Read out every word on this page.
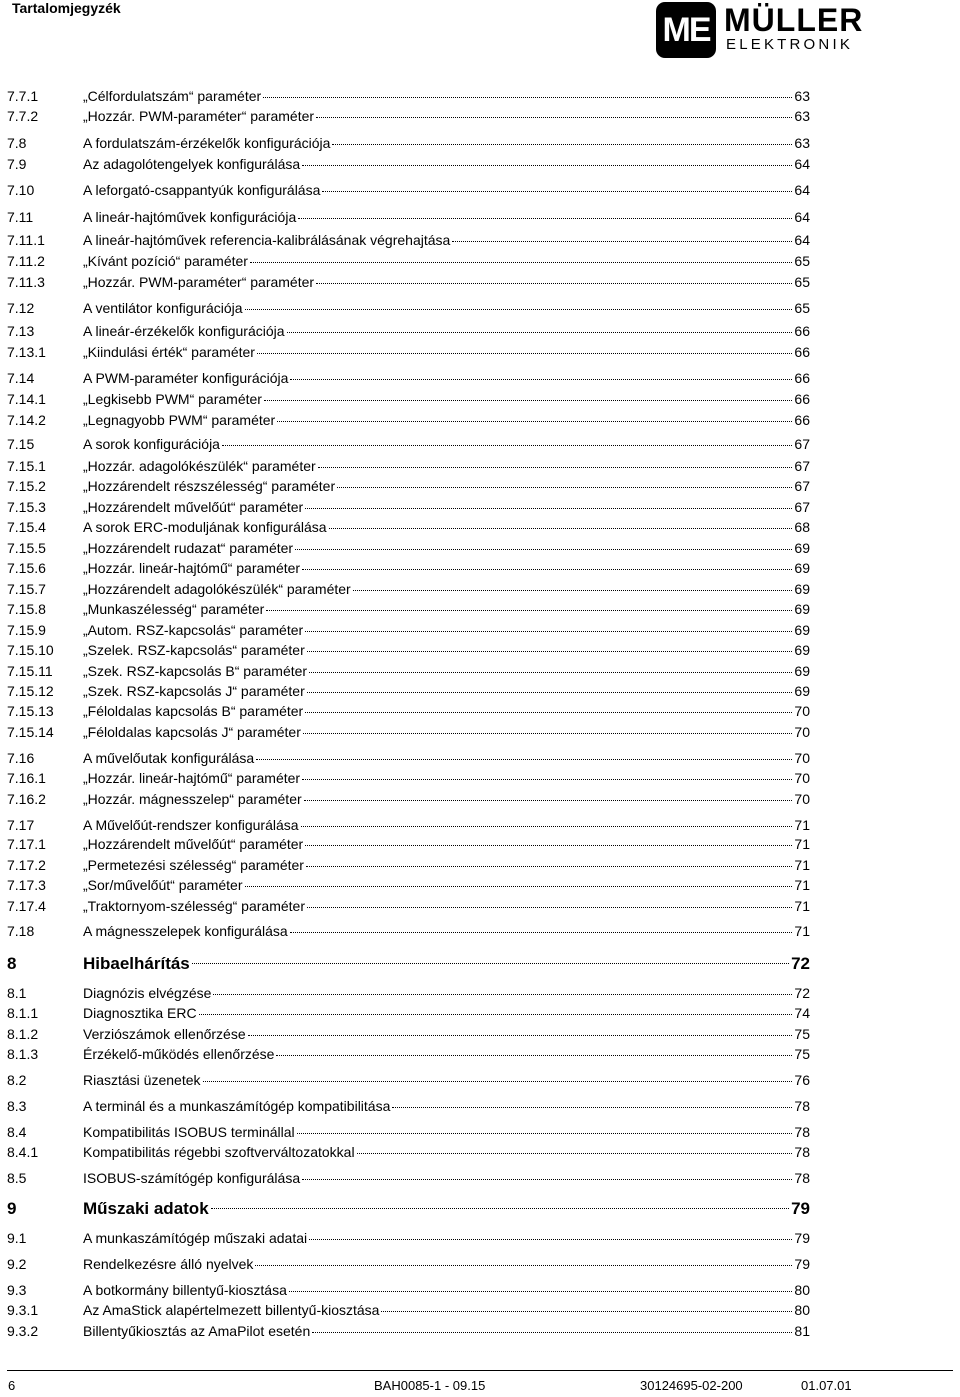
Tartalomjegyzék
ME MÜLLER
ELEKTRONIK
7.7.1	„Célfordulatszám“ paraméter	63
7.7.2	„Hozzár. PWM-paraméter“ paraméter	63
7.8	A fordulatszám-érzékelők konfigurációja	63
7.9	Az adagolótengelyek konfigurálása	64
7.10	A leforgató-csappantyúk konfigurálása	64
7.11	A lineár-hajtóművek konfigurációja	64
7.11.1	A lineár-hajtóművek referencia-kalibrálásának végrehajtása	64
7.11.2	„Kívánt pozíció“ paraméter	65
7.11.3	„Hozzár. PWM-paraméter“ paraméter	65
7.12	A ventilátor konfigurációja	65
7.13	A lineár-érzékelők konfigurációja	66
7.13.1	„Kiindulási érték“ paraméter	66
7.14	A PWM-paraméter konfigurációja	66
7.14.1	„Legkisebb PWM“ paraméter	66
7.14.2	„Legnagyobb PWM“ paraméter	66
7.15	A sorok konfigurációja	67
7.15.1	„Hozzár. adagolókészülék“ paraméter	67
7.15.2	„Hozzárendelt részszélesség“ paraméter	67
7.15.3	„Hozzárendelt művelőút“ paraméter	67
7.15.4	A sorok ERC-moduljának konfigurálása	68
7.15.5	„Hozzárendelt rudazat“ paraméter	69
7.15.6	„Hozzár. lineár-hajtómű“ paraméter	69
7.15.7	„Hozzárendelt adagolókészülék“ paraméter	69
7.15.8	„Munkaszélesség“ paraméter	69
7.15.9	„Autom. RSZ-kapcsolás“ paraméter	69
7.15.10 „Szelek. RSZ-kapcsolás“ paraméter	69
7.15.11 „Szek. RSZ-kapcsolás B“ paraméter	69
7.15.12 „Szek. RSZ-kapcsolás J“ paraméter	69
7.15.13 „Féloldalas kapcsolás B“ paraméter	70
7.15.14 „Féloldalas kapcsolás J“ paraméter	70
7.16	A művelőutak konfigurálása	70
7.16.1	„Hozzár. lineár-hajtómű“ paraméter	70
7.16.2	„Hozzár. mágnesszelep“ paraméter	70
7.17	A Művelőút-rendszer konfigurálása	71
7.17.1	„Hozzárendelt művelőút“ paraméter	71
7.17.2	„Permetezési szélesség“ paraméter	71
7.17.3	„Sor/művelőút“ paraméter	71
7.17.4	„Traktornyom-szélesség“ paraméter	71
7.18	A mágnesszelepek konfigurálása	71
8	Hibaelhárítás	72
8.1	Diagnózis elvégzése	72
8.1.1	Diagnosztika ERC	74
8.1.2	Verziószámok ellenőrzése	75
8.1.3	Érzékelő-működés ellenőrzése	75
8.2	Riasztási üzenetek	76
8.3	A terminál és a munkaszámítógép kompatibilitása	78
8.4	Kompatibilitás ISOBUS terminállal	78
8.4.1	Kompatibilitás régebbi szoftverváltozatokkal	78
8.5	ISOBUS-számítógép konfigurálása	78
9	Műszaki adatok	79
9.1	A munkaszámítógép műszaki adatai	79
9.2	Rendelkezésre álló nyelvek	79
9.3	A botkormány billentyű-kiosztása	80
9.3.1	Az AmaStick alapértelmezett billentyű-kiosztása	80
9.3.2	Billentyűkiosztás az AmaPilot esetén	81
6	BAH0085-1 - 09.15	30124695-02-200	01.07.01
